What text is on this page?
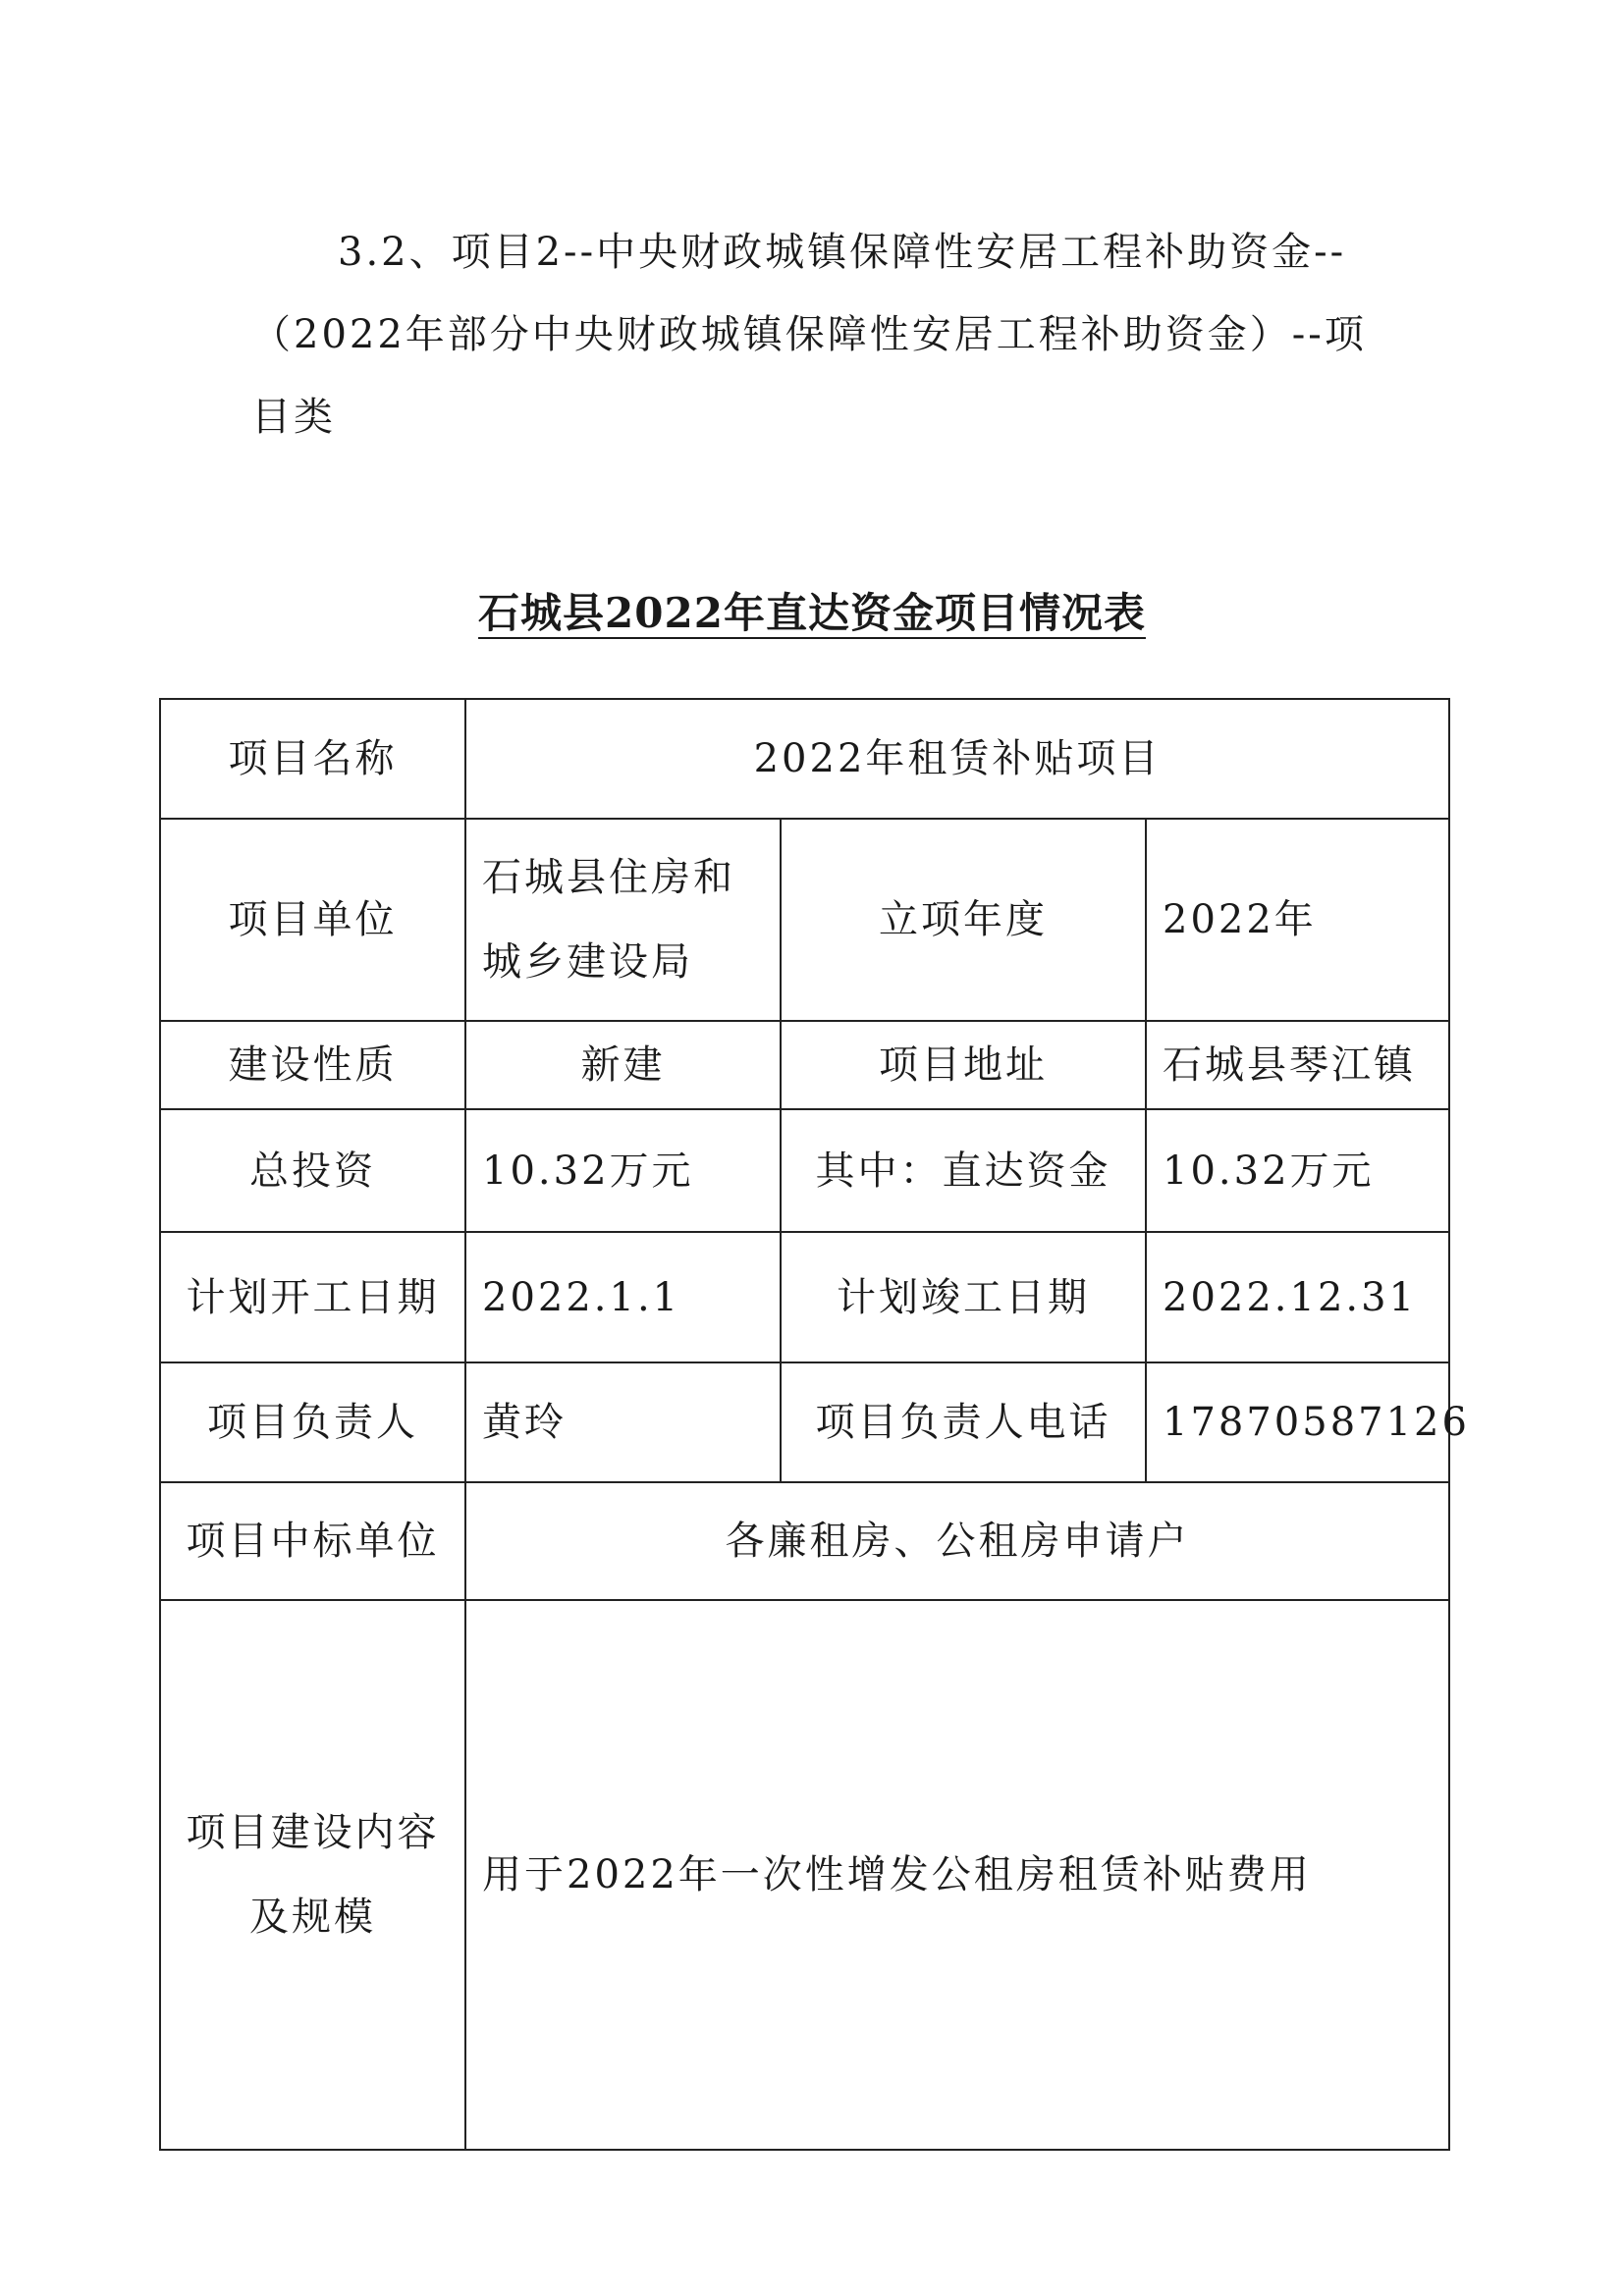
3.2、项目2--中央财政城镇保障性安居工程补助资金--（2022年部分中央财政城镇保障性安居工程补助资金）--项目类

石城县2022年直达资金项目情况表
项目名称	2022年租赁补贴项目		
项目单位	石城县住房和城乡建设局	立项年度	2022年
建设性质	新建	项目地址	石城县琴江镇
总投资	10.32万元	其中：直达资金	10.32万元
计划开工日期	2022.1.1	计划竣工日期	2022.12.31
项目负责人	黄玲	项目负责人电话	17870587126
项目中标单位	各廉租房、公租房申请户		
项目建设内容及规模	用于2022年一次性增发公租房租赁补贴费用		
